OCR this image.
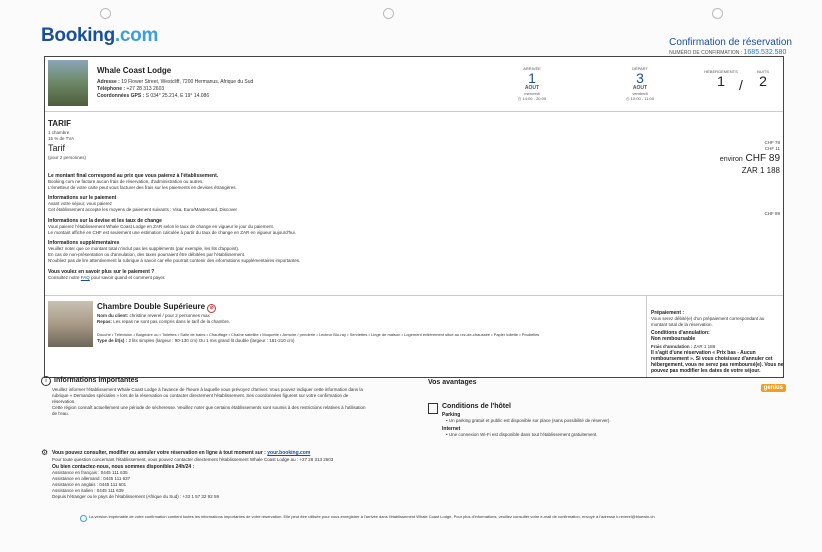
Booking.com	Confirmation de réservation
NUMÉRO DE CONFIRMATION : 1685.532.580
Whale Coast Lodge
Adresse : 19 Flower Street, Westcliff, 7200 Hermanus, Afrique du Sud
Téléphone : +27 28 313 2603
Coordonnées GPS : S 034° 25.214, E 19° 14.086
ARRIVÉE
1
AOUT
mercredi
◷ 14:00 - 20:00
DÉPART
3
AOUT
vendredi
◷ 10:00 - 11:00
HÉBERGEMENTS
1	/
NUITS
2
TARIF
1 chambre
15 % de TVA
Tarif
(pour 2 personnes)
CHF 78
CHF 11
environ CHF 89
ZAR 1 188
Le montant final correspond au prix que vous paierez à l'établissement.
Booking.com ne facture aucun frais de réservation, d'administration ou autres.
L'émetteur de votre carte peut vous facturer des frais sur les paiements en devises étrangères.
Informations sur le paiement
Avant votre séjour, vous paierez
Cet établissement accepte les moyens de paiement suivants : Visa, Euro/Mastercard, Discover
CHF 89
Informations sur la devise et les taux de change
Vous paierez l'établissement Whale Coast Lodge en ZAR selon le taux de change en vigueur le jour du paiement.
Le montant affiché en CHF est seulement une estimation calculée à partir du taux de change en ZAR en vigueur aujourd'hui.
Informations supplémentaires
Veuillez noter que ce montant total n'inclut pas les suppléments (par exemple, les lits d'appoint).
En cas de non-présentation ou d'annulation, des taxes pourraient être débitées par l'établissement.
N'oubliez pas de lire attentivement la rubrique à savoir car elle pourrait contenir des informations supplémentaires importantes.
Vous voulez en savoir plus sur le paiement ?
Consultez notre FAQ pour savoir quand et comment payer.
Chambre Double Supérieure ⊘
Nom du client: christine reverel / pour 2 personnes max
Repas: Les repas ne sont pas compris dans le tarif de la chambre.
Douche • Télévision • Baignoire ou • Toilettes • Salle de bains • Chauffage • Chaîne satellite • Moquette • Armoire / penderie • Lecteur Blu-ray • Serviettes • Linge de maison • Logement entièrement situé au rez-de-chaussée • Papier toilette • Poubelles
Type de lit(s) : 2 lits simples (largeur : 90-130 cm) Ou 1 mis grand lit double (largeur : 181-210 cm)
Prépaiement :
Vous serez débité(e) d'un prépaiement correspondant au
montant total de la réservation.
Conditions d'annulation:
Non remboursable
Frais d'annulation : ZAR 1 188
Il s'agit d'une réservation « Prix bas - Aucun
remboursement ». Si vous choisissez d'annuler cet
hébergement, vous ne serez pas remboursé(e). Vous ne
pouvez pas modifier les dates de votre séjour.
i	Informations importantes
Veuillez informer l'établissement Whale Coast Lodge à l'avance de l'heure à laquelle vous prévoyez d'arriver. Vous pouvez indiquer cette information dans la
rubrique « Demandes spéciales » lors de la réservation ou contacter directement l'établissement. Ses coordonnées figurent sur votre confirmation de
réservation.
Cette région connaît actuellement une période de sécheresse. Veuillez noter que certains établissements sont soumis à des restrictions relatives à l'utilisation
de l'eau.
Vos avantages
genius
Conditions de l'hôtel
Parking
• Un parking gratuit et public est disponible sur place (sans possibilité de réserver).
Internet
• Une connexion Wi-Fi est disponible dans tout l'établissement gratuitement.
⚙ Vous pouvez consulter, modifier ou annuler votre réservation en ligne à tout moment sur : your.booking.com
Pour toute question concernant l'établissement, vous pouvez contacter directement l'établissement Whale Coast Lodge au : +27 28 313 2603
Ou bien contactez-nous, nous sommes disponibles 24h/24 :
Assistance en français : 0445 111 635
Assistance en allemand : 0445 111 637
Assistance en anglais : 0445 111 601
Assistance en italien : 0445 111 639
Depuis l'étranger ou le pays de l'établissement (Afrique du Sud) : +33 1 57 32 92 59
La version imprimable de votre confirmation contient toutes les informations importantes de votre réservation. Elle peut être utilisée pour vous enregistrer à l'arrivée dans l'établissement Whale Coast Lodge. Pour plus d'informations, veuillez consulter votre e-mail de confirmation, envoyé à l'adresse k.reverel@bluewin.ch
